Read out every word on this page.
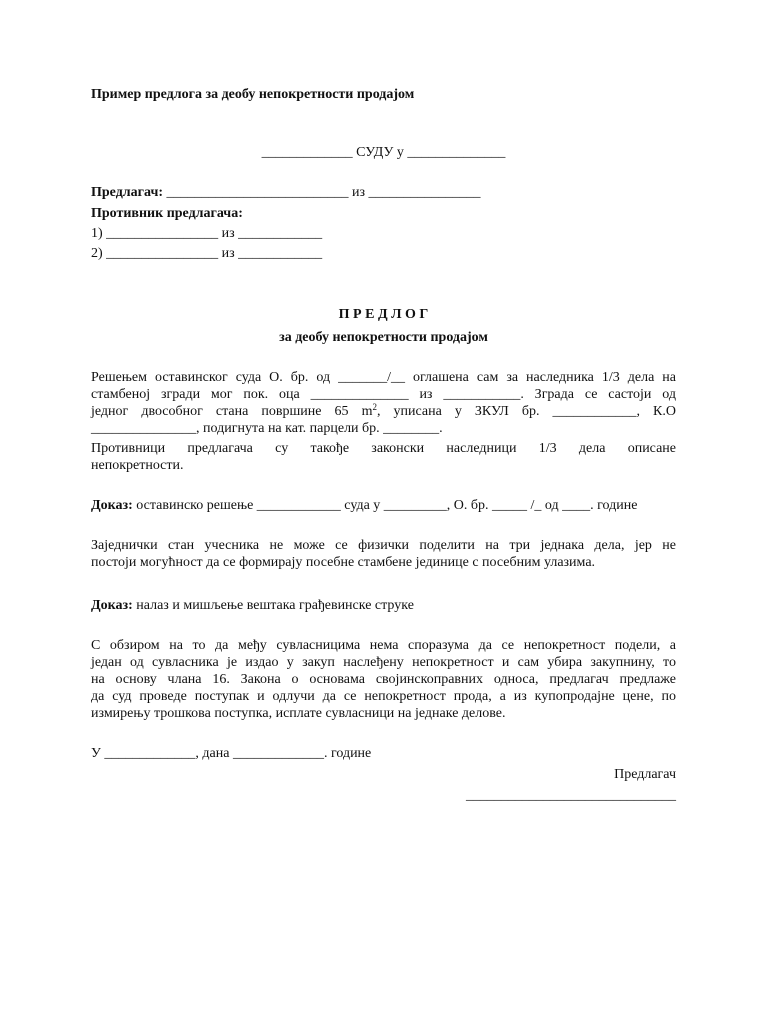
Пример предлога за деобу непокретности продајом
_____________ СУДУ у ______________
Предлагач: __________________________ из ________________
Противник предлагача:
1) ________________ из ____________
2) ________________ из ____________
П Р Е Д Л О Г
за деобу непокретности продајом
Решењем оставинског суда О. бр. од _______/__ оглашена сам за наследника 1/3 дела на
стамбеној згради мог пок. оца ______________ из ___________. Зграда се састоји од
једног двособног стана површине 65 $m^2$, уписана у ЗКУЛ бр. ____________, К.О
_______________, подигнута на кат. парцели бр. ________.
Противници предлагача су такође законски наследници 1/3 дела описане
непокретности.
Доказ: оставинско решење ____________ суда у _________, О. бр. _____ /_ од ____. године
Заједнички стан учесника не може се физички поделити на три једнака дела, јер не
постоји могућност да се формирају посебне стамбене јединице с посебним улазима.
Доказ: налаз и мишљење вештака грађевинске струке
С обзиром на то да међу сувласницима нема споразума да се непокретност подели, а
један од сувласника је издао у закуп наслеђену непокретност и сам убира закупнину, то
на основу члана 16. Закона о основама својинскоправних односа, предлагач предлаже
да суд проведе поступак и одлучи да се непокретност прода, а из купопродајне цене, по
измирењу трошкова поступка, исплате сувласници на једнаке делове.
У _____________, дана _____________. године
Предлагач
______________________________
